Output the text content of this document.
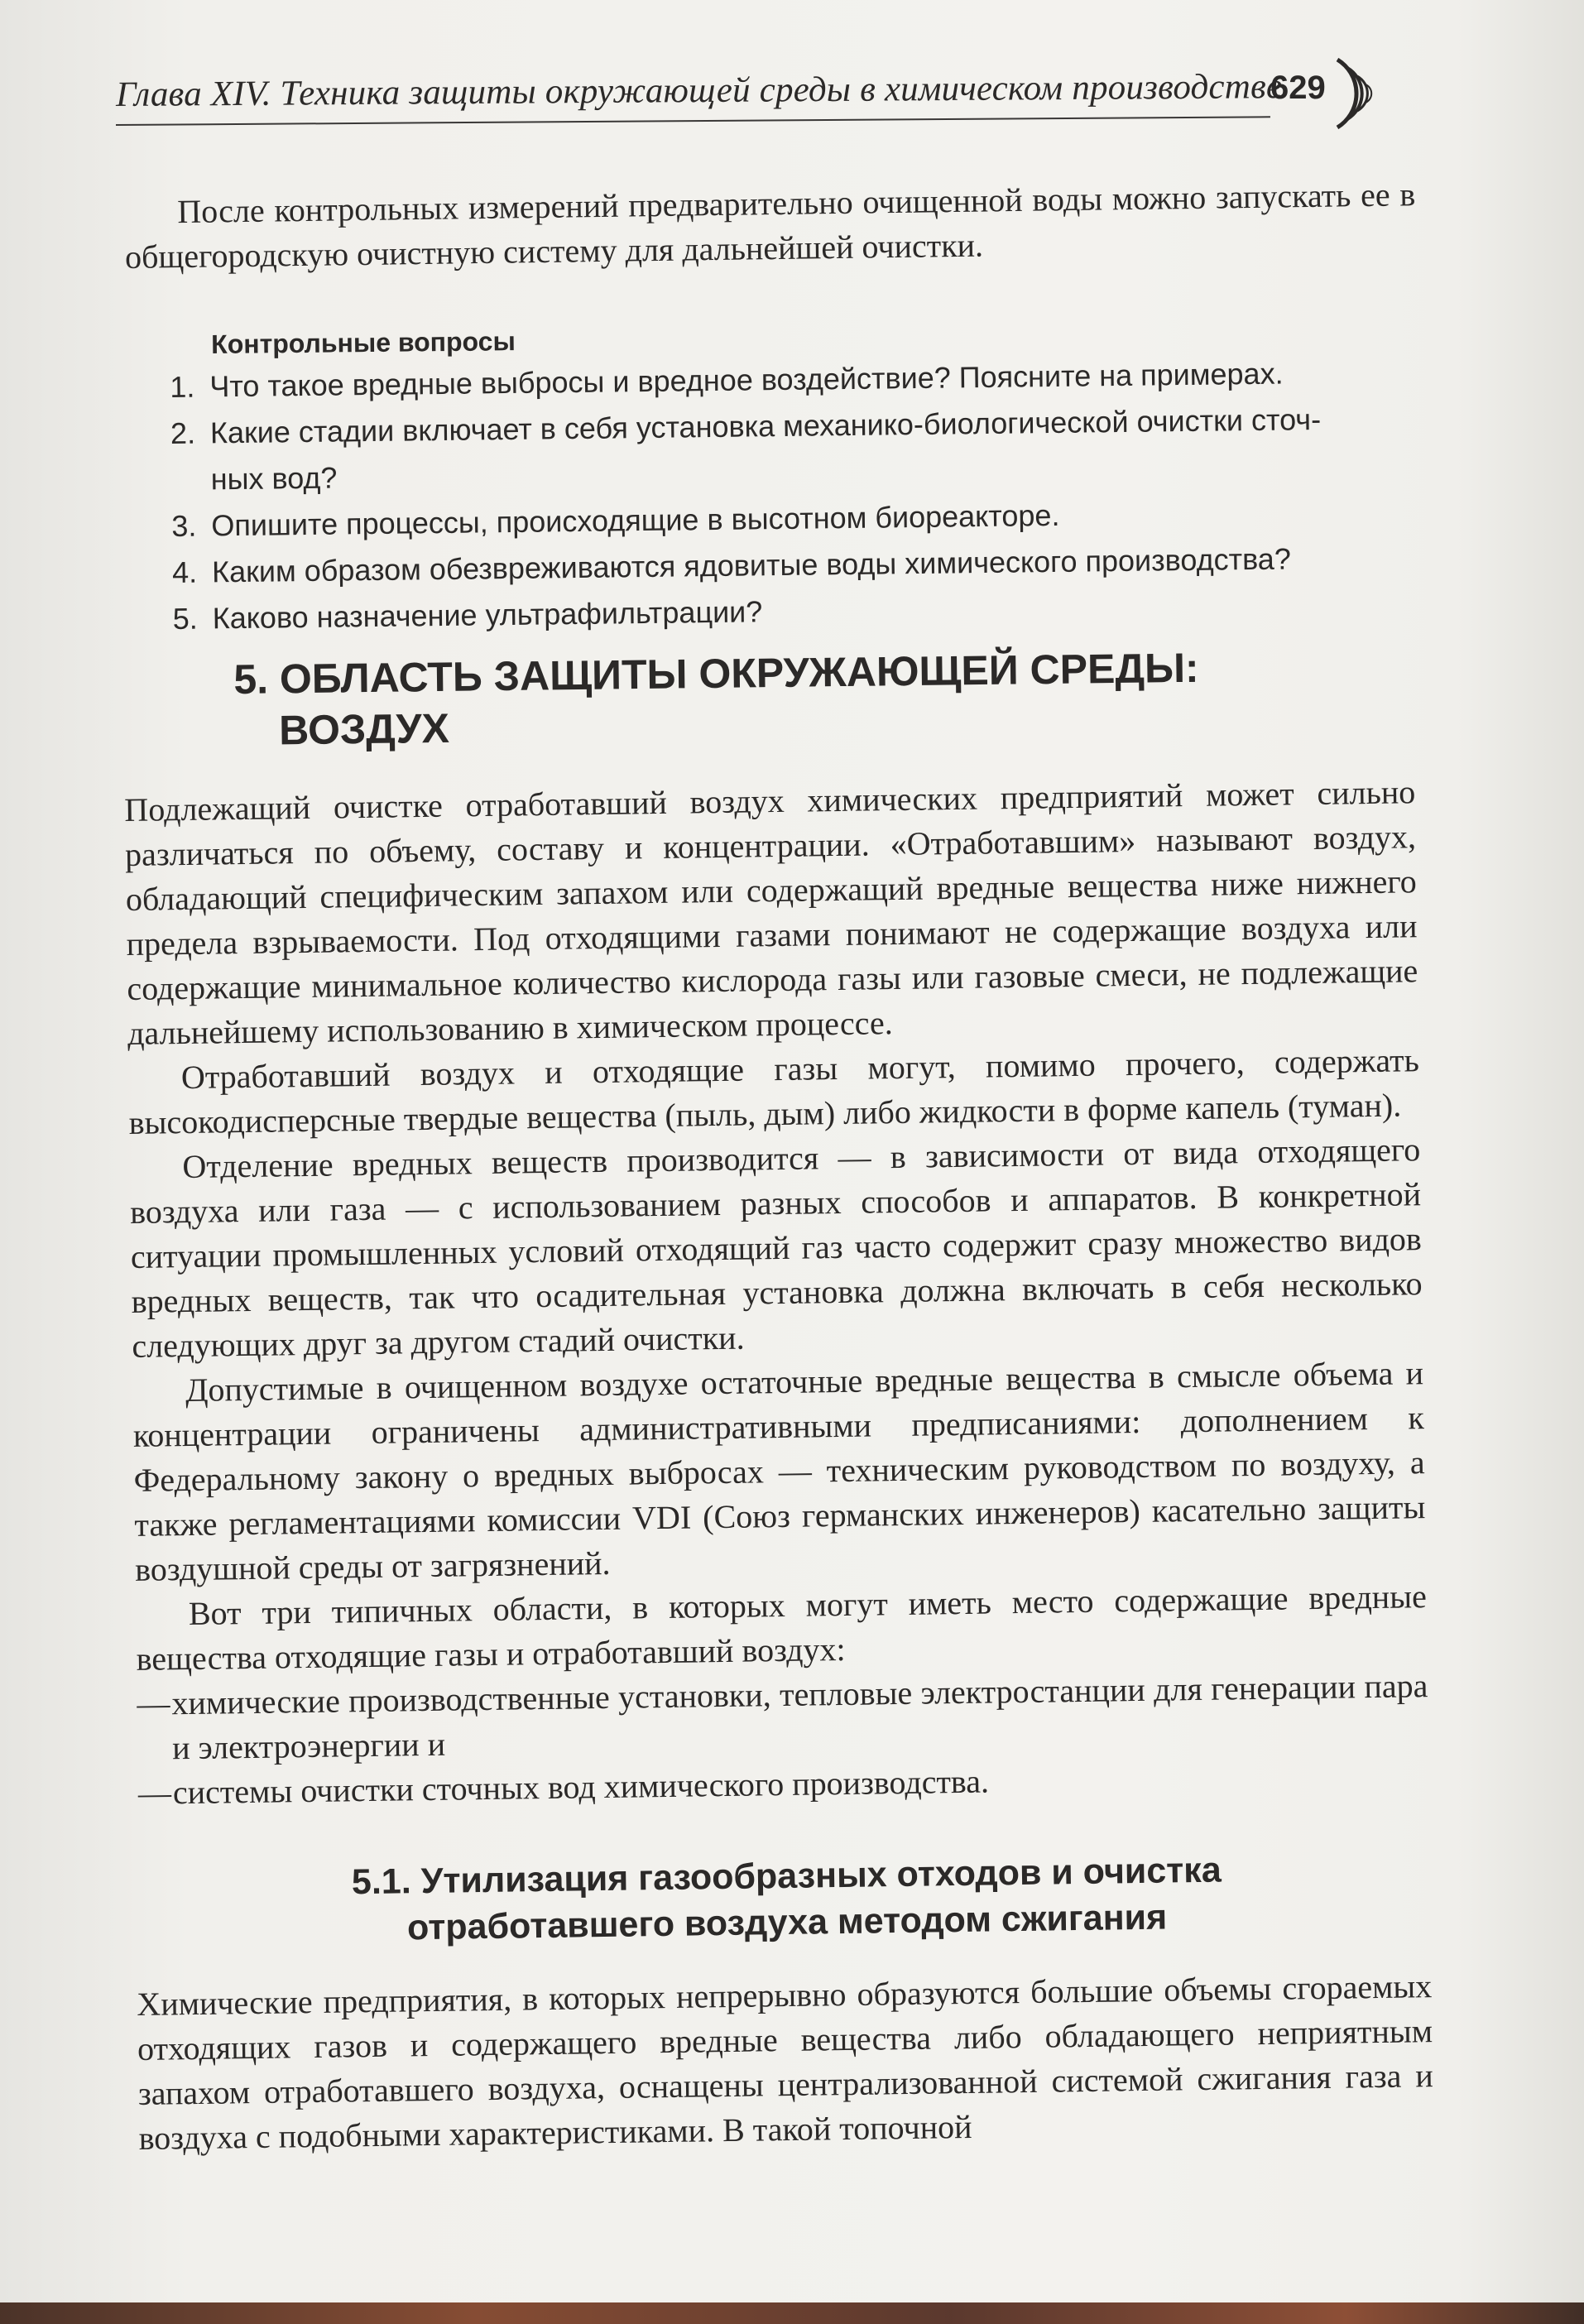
Глава XIV. Техника защиты окружающей среды в химическом производстве
629

После контрольных измерений предварительно очищенной воды можно запускать ее в общегородскую очистную систему для дальнейшей очистки.

Контрольные вопросы
1. Что такое вредные выбросы и вредное воздействие? Поясните на примерах.
2. Какие стадии включает в себя установка механико-биологической очистки сточ-
ных вод?
3. Опишите процессы, происходящие в высотном биореакторе.
4. Каким образом обезвреживаются ядовитые воды химического производства?
5. Каково назначение ультрафильтрации?
5. ОБЛАСТЬ ЗАЩИТЫ ОКРУЖАЮЩЕЙ СРЕДЫ:
ВОЗДУХ

Подлежащий очистке отработавший воздух химических предприятий может сильно различаться по объему, составу и концентрации. «Отработавшим» называют воздух, обладающий специфическим запахом или содержащий вредные вещества ниже нижнего предела взрываемости. Под отходящими газами понимают не содержащие воздуха или содержащие минимальное количество кислорода газы или газовые смеси, не подлежащие дальнейшему использованию в химическом процессе.

Отработавший воздух и отходящие газы могут, помимо прочего, содержать высокодисперсные твердые вещества (пыль, дым) либо жидкости в форме капель (туман).

Отделение вредных веществ производится — в зависимости от вида отходящего воздуха или газа — с использованием разных способов и аппаратов. В конкретной ситуации промышленных условий отходящий газ часто содержит сразу множество видов вредных веществ, так что осадительная установка должна включать в себя несколько следующих друг за другом стадий очистки.

Допустимые в очищенном воздухе остаточные вредные вещества в смысле объема и концентрации ограничены административными предписаниями: дополнением к Федеральному закону о вредных выбросах — техническим руководством по воздуху, а также регламентациями комиссии VDI (Союз германских инженеров) касательно защиты воздушной среды от загрязнений.

Вот три типичных области, в которых могут иметь место содержащие вредные вещества отходящие газы и отработавший воздух:

— химические производственные установки, тепловые электростанции для генерации пара и электроэнергии и
— системы очистки сточных вод химического производства.
5.1. Утилизация газообразных отходов и очистка
отработавшего воздуха методом сжигания

Химические предприятия, в которых непрерывно образуются большие объемы сгораемых отходящих газов и содержащего вредные вещества либо обладающего неприятным запахом отработавшего воздуха, оснащены централизованной системой сжигания газа и воздуха с подобными характеристиками. В такой топочной
